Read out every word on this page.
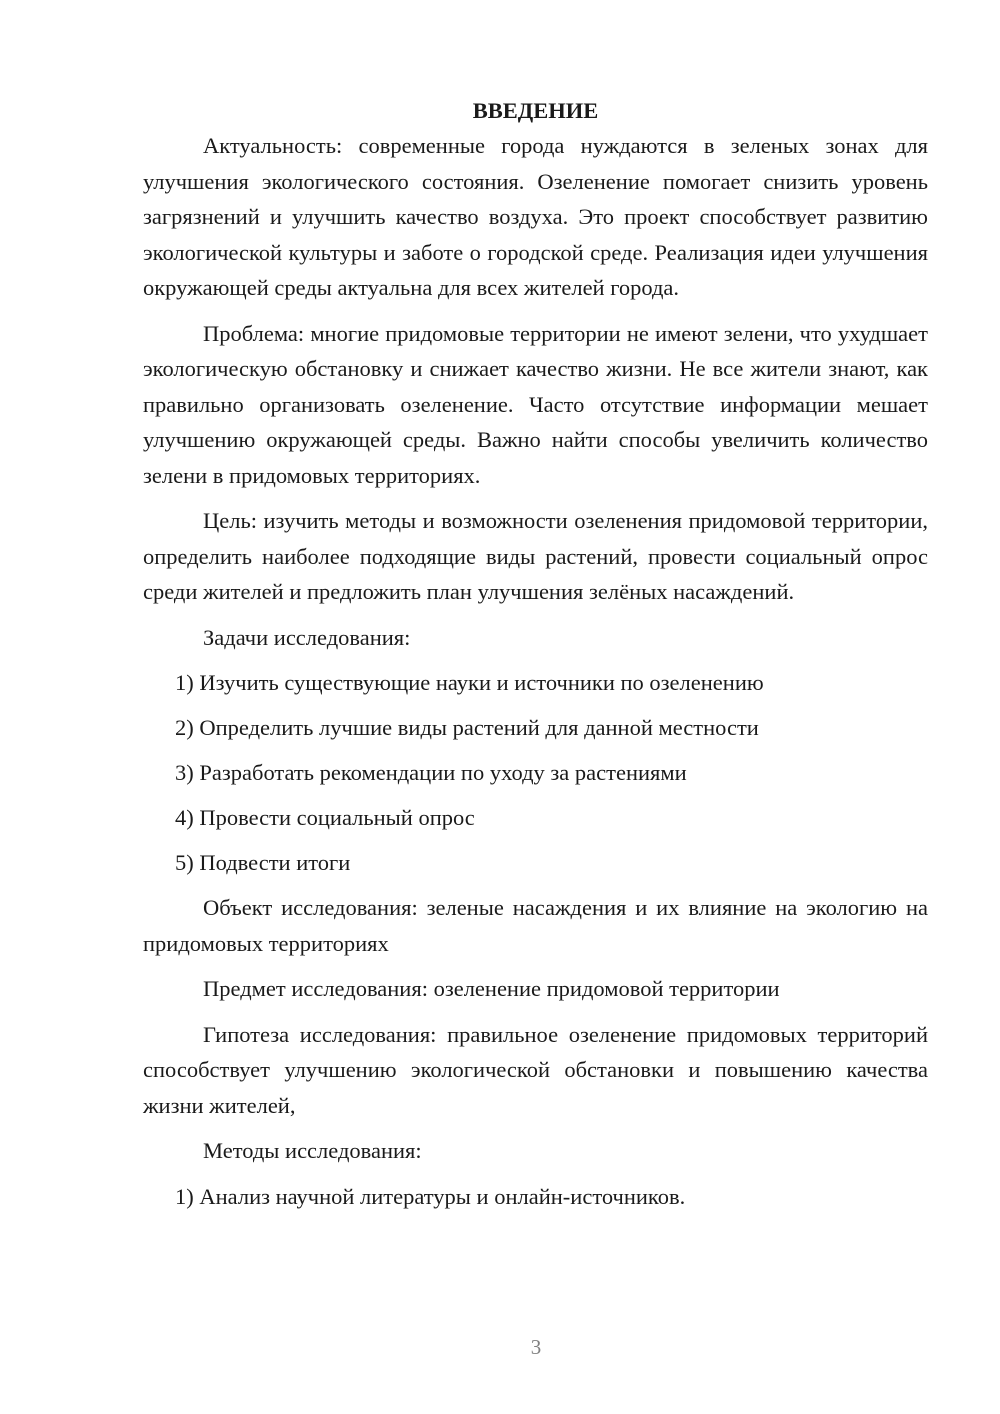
ВВЕДЕНИЕ

Актуальность: современные города нуждаются в зеленых зонах для улучшения экологического состояния. Озеленение помогает снизить уровень загрязнений и улучшить качество воздуха. Это проект способствует развитию экологической культуры и заботе о городской среде. Реализация идеи улучшения окружающей среды актуальна для всех жителей города.

Проблема: многие придомовые территории не имеют зелени, что ухудшает экологическую обстановку и снижает качество жизни. Не все жители знают, как правильно организовать озеленение. Часто отсутствие информации мешает улучшению окружающей среды. Важно найти способы увеличить количество зелени в придомовых территориях.

Цель: изучить методы и возможности озеленения придомовой территории, определить наиболее подходящие виды растений, провести социальный опрос среди жителей и предложить план улучшения зелёных насаждений.

Задачи исследования:

1) Изучить существующие науки и источники по озеленению

2) Определить лучшие виды растений для данной местности

3) Разработать рекомендации по уходу за растениями

4) Провести социальный опрос

5) Подвести итоги

Объект исследования: зеленые насаждения и их влияние на экологию на придомовых территориях

Предмет исследования: озеленение придомовой территории

Гипотеза исследования: правильное озеленение придомовых территорий способствует улучшению экологической обстановки и повышению качества жизни жителей,

Методы исследования:

1) Анализ научной литературы и онлайн-источников.

3
